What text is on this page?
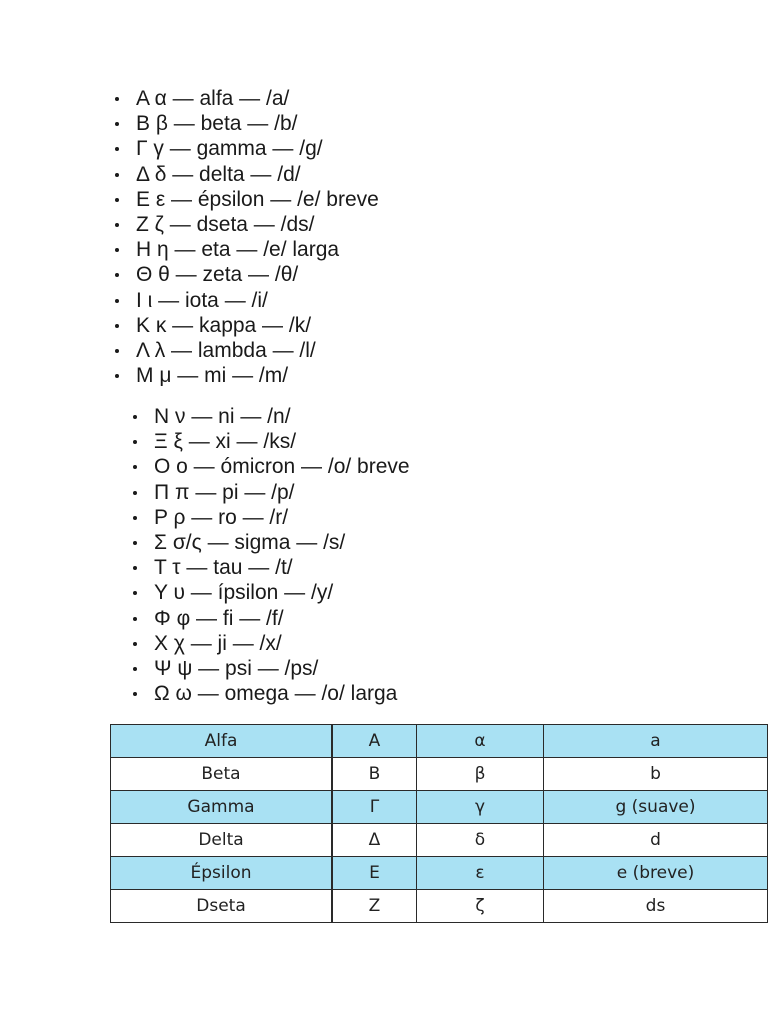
Α α — alfa — /a/
Β β — beta — /b/
Γ γ — gamma — /g/
Δ δ — delta — /d/
Ε ε — épsilon — /e/ breve
Ζ ζ — dseta — /ds/
Η η — eta — /e/ larga
Θ θ — zeta — /θ/
Ι ι — iota — /i/
Κ κ — kappa — /k/
Λ λ — lambda — /l/
Μ μ — mi — /m/
Ν ν — ni — /n/
Ξ ξ — xi — /ks/
Ο ο — ómicron — /o/ breve
Π π — pi — /p/
Ρ ρ — ro — /r/
Σ σ/ς — sigma — /s/
Τ τ — tau — /t/
Υ υ — ípsilon — /y/
Φ φ — fi — /f/
Χ χ — ji — /x/
Ψ ψ — psi — /ps/
Ω ω — omega — /o/ larga
Alfa	Α	α	a
Beta	Β	β	b
Gamma	Γ	γ	g (suave)
Delta	Δ	δ	d
Épsilon	Ε	ε	e (breve)
Dseta	Ζ	ζ	ds
